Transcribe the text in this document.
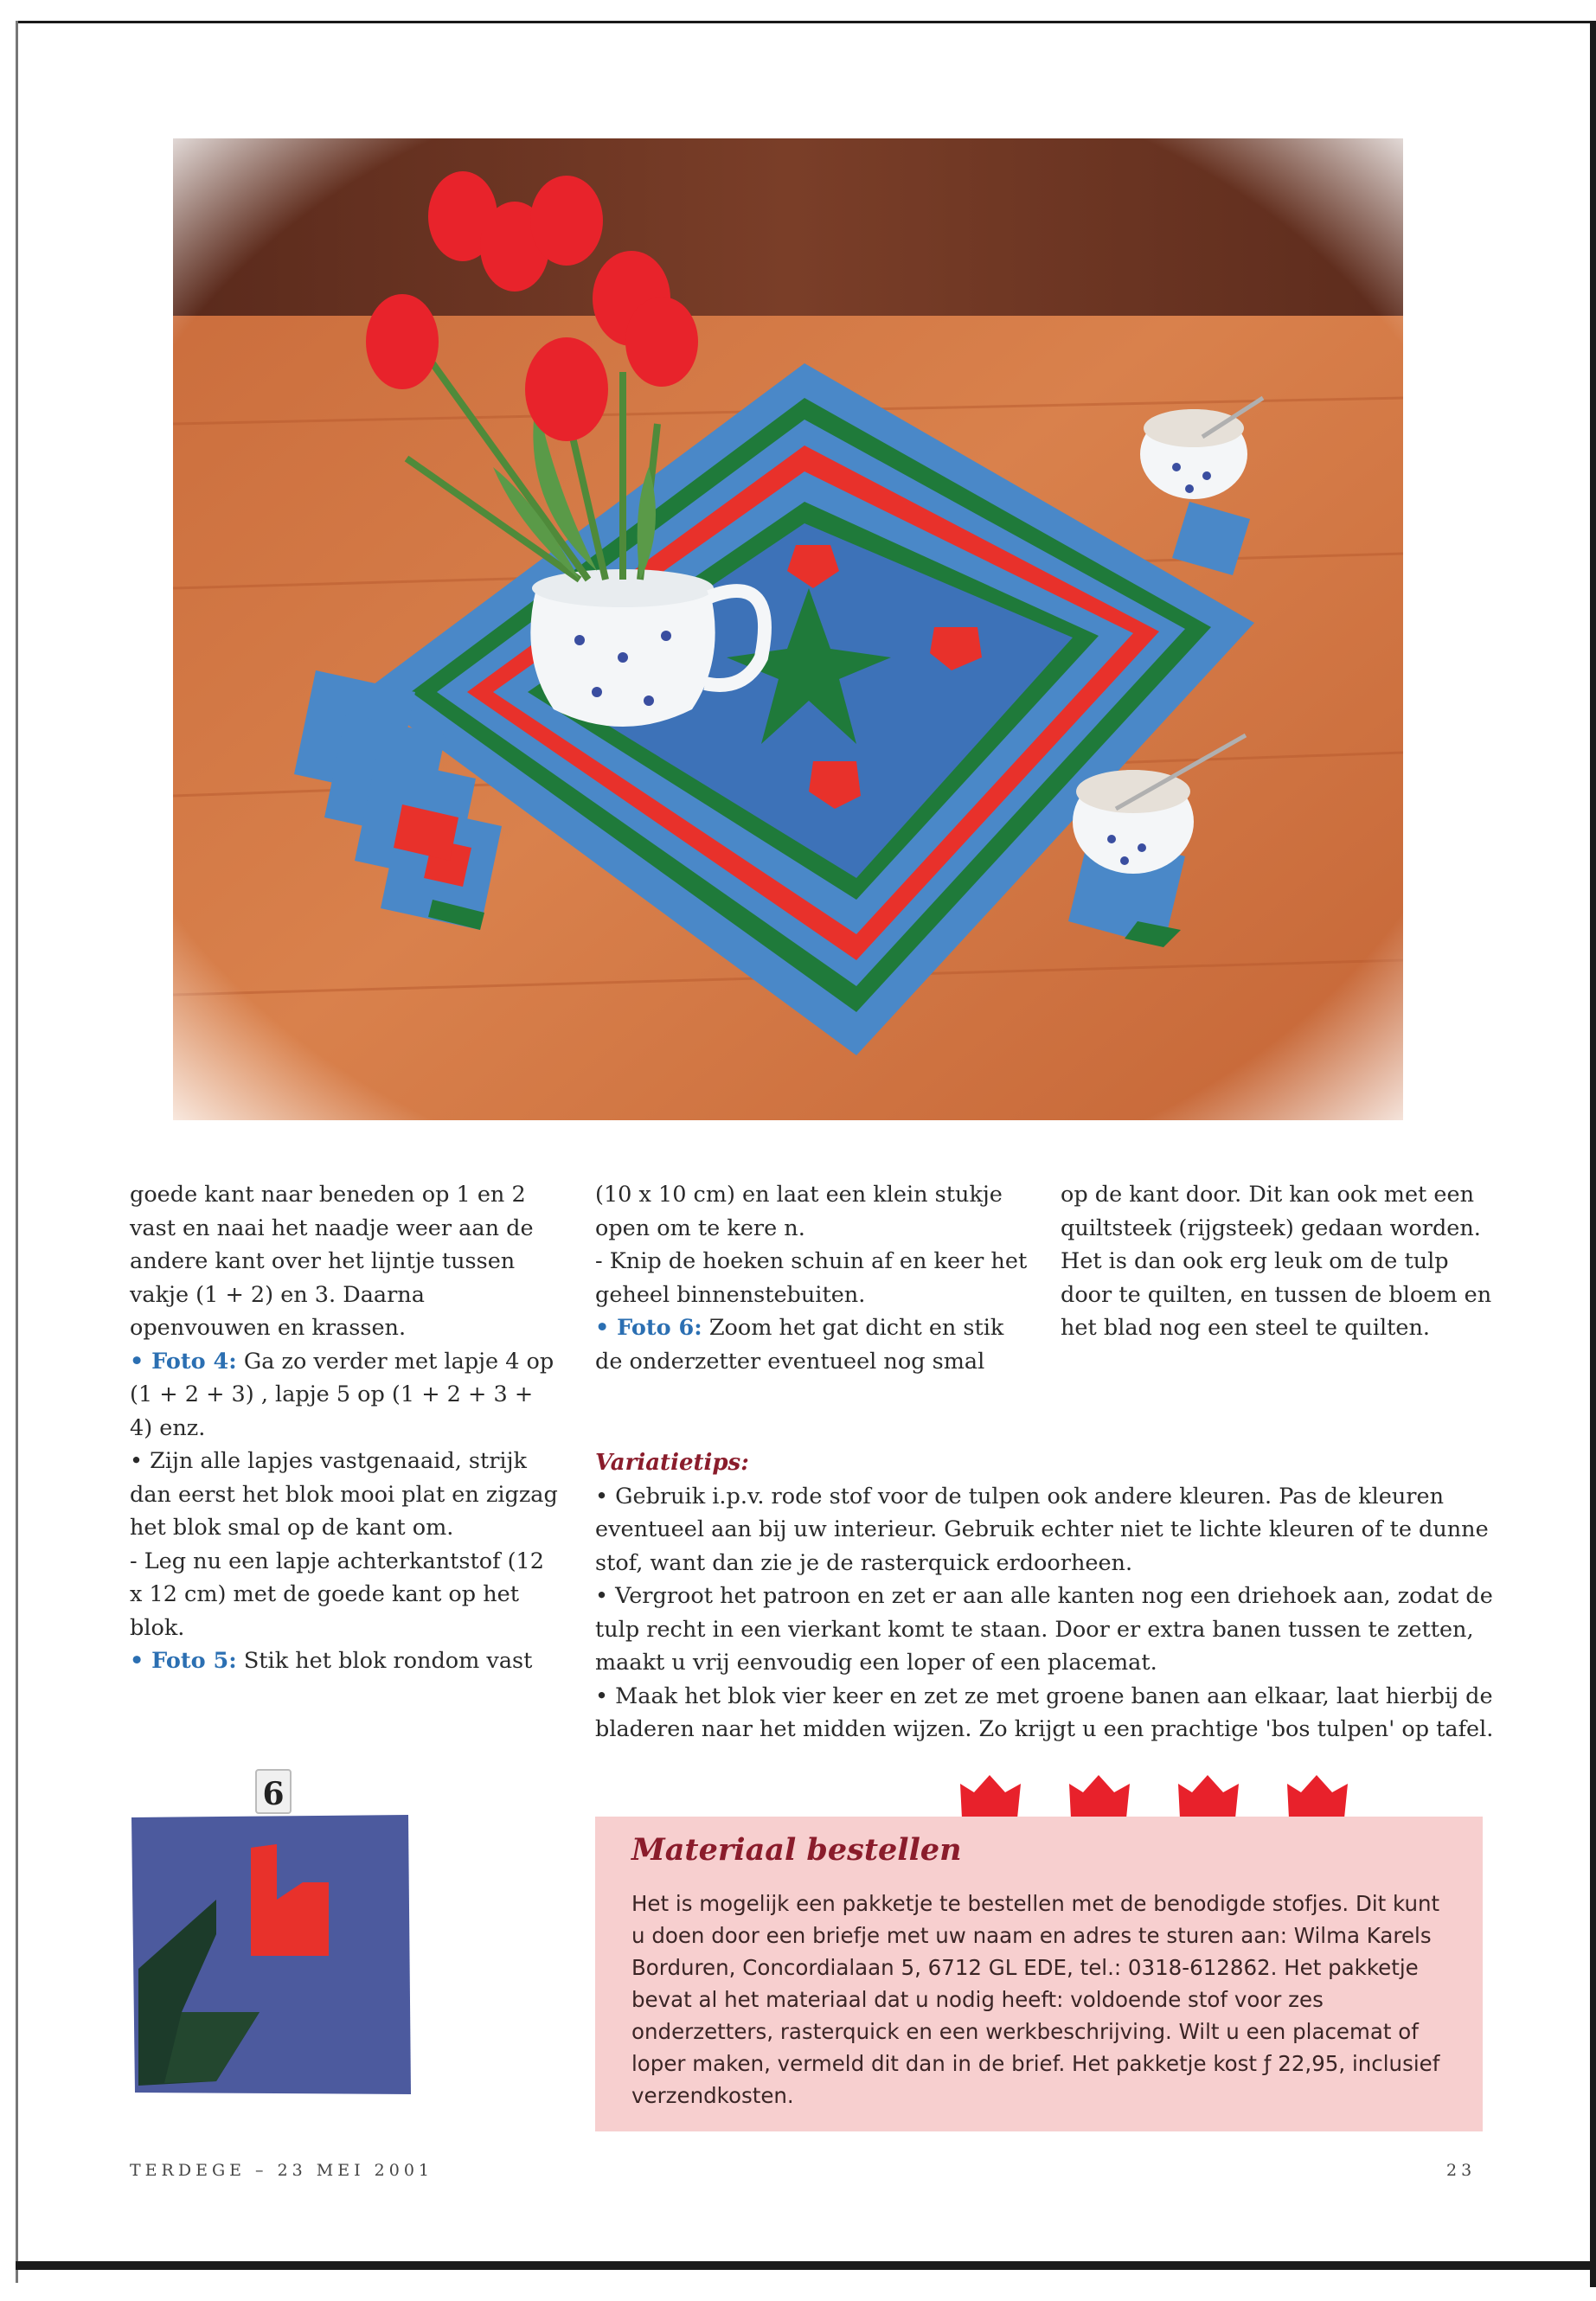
goede kant naar beneden op 1 en 2 vast en naai het naadje weer aan de andere kant over het lijntje tussen vakje (1 + 2) en 3. Daarna openvouwen en krassen.

• Foto 4: Ga zo verder met lapje 4 op (1 + 2 + 3) , lapje 5 op (1 + 2 + 3 + 4) enz.

• Zijn alle lapjes vastgenaaid, strijk dan eerst het blok mooi plat en zigzag het blok smal op de kant om.

- Leg nu een lapje achterkantstof (12 x 12 cm) met de goede kant op het blok.

• Foto 5: Stik het blok rondom vast

(10 x 10 cm) en laat een klein stukje open om te kere n.

- Knip de hoeken schuin af en keer het geheel binnenstebuiten.

• Foto 6: Zoom het gat dicht en stik de onderzetter eventueel nog smal

op de kant door. Dit kan ook met een quiltsteek (rijgsteek) gedaan worden. Het is dan ook erg leuk om de tulp door te quilten, en tussen de bloem en het blad nog een steel te quilten.

Variatietips:

• Gebruik i.p.v. rode stof voor de tulpen ook andere kleuren. Pas de kleuren eventueel aan bij uw interieur. Gebruik echter niet te lichte kleuren of te dunne stof, want dan zie je de rasterquick erdoorheen.

• Vergroot het patroon en zet er aan alle kanten nog een driehoek aan, zodat de tulp recht in een vierkant komt te staan. Door er extra banen tussen te zetten, maakt u vrij eenvoudig een loper of een placemat.

• Maak het blok vier keer en zet ze met groene banen aan elkaar, laat hierbij de bladeren naar het midden wijzen. Zo krijgt u een prachtige 'bos tulpen' op tafel.

6
Materiaal bestellen

Het is mogelijk een pakketje te bestellen met de benodigde stofjes. Dit kunt u doen door een briefje met uw naam en adres te sturen aan: Wilma Karels Borduren, Concordialaan 5, 6712 GL EDE, tel.: 0318-612862. Het pakketje bevat al het materiaal dat u nodig heeft: voldoende stof voor zes onderzetters, rasterquick en een werkbeschrijving. Wilt u een placemat of loper maken, vermeld dit dan in de brief. Het pakketje kost ƒ 22,95, inclusief verzendkosten.

TERDEGE – 23 MEI 2001	23
